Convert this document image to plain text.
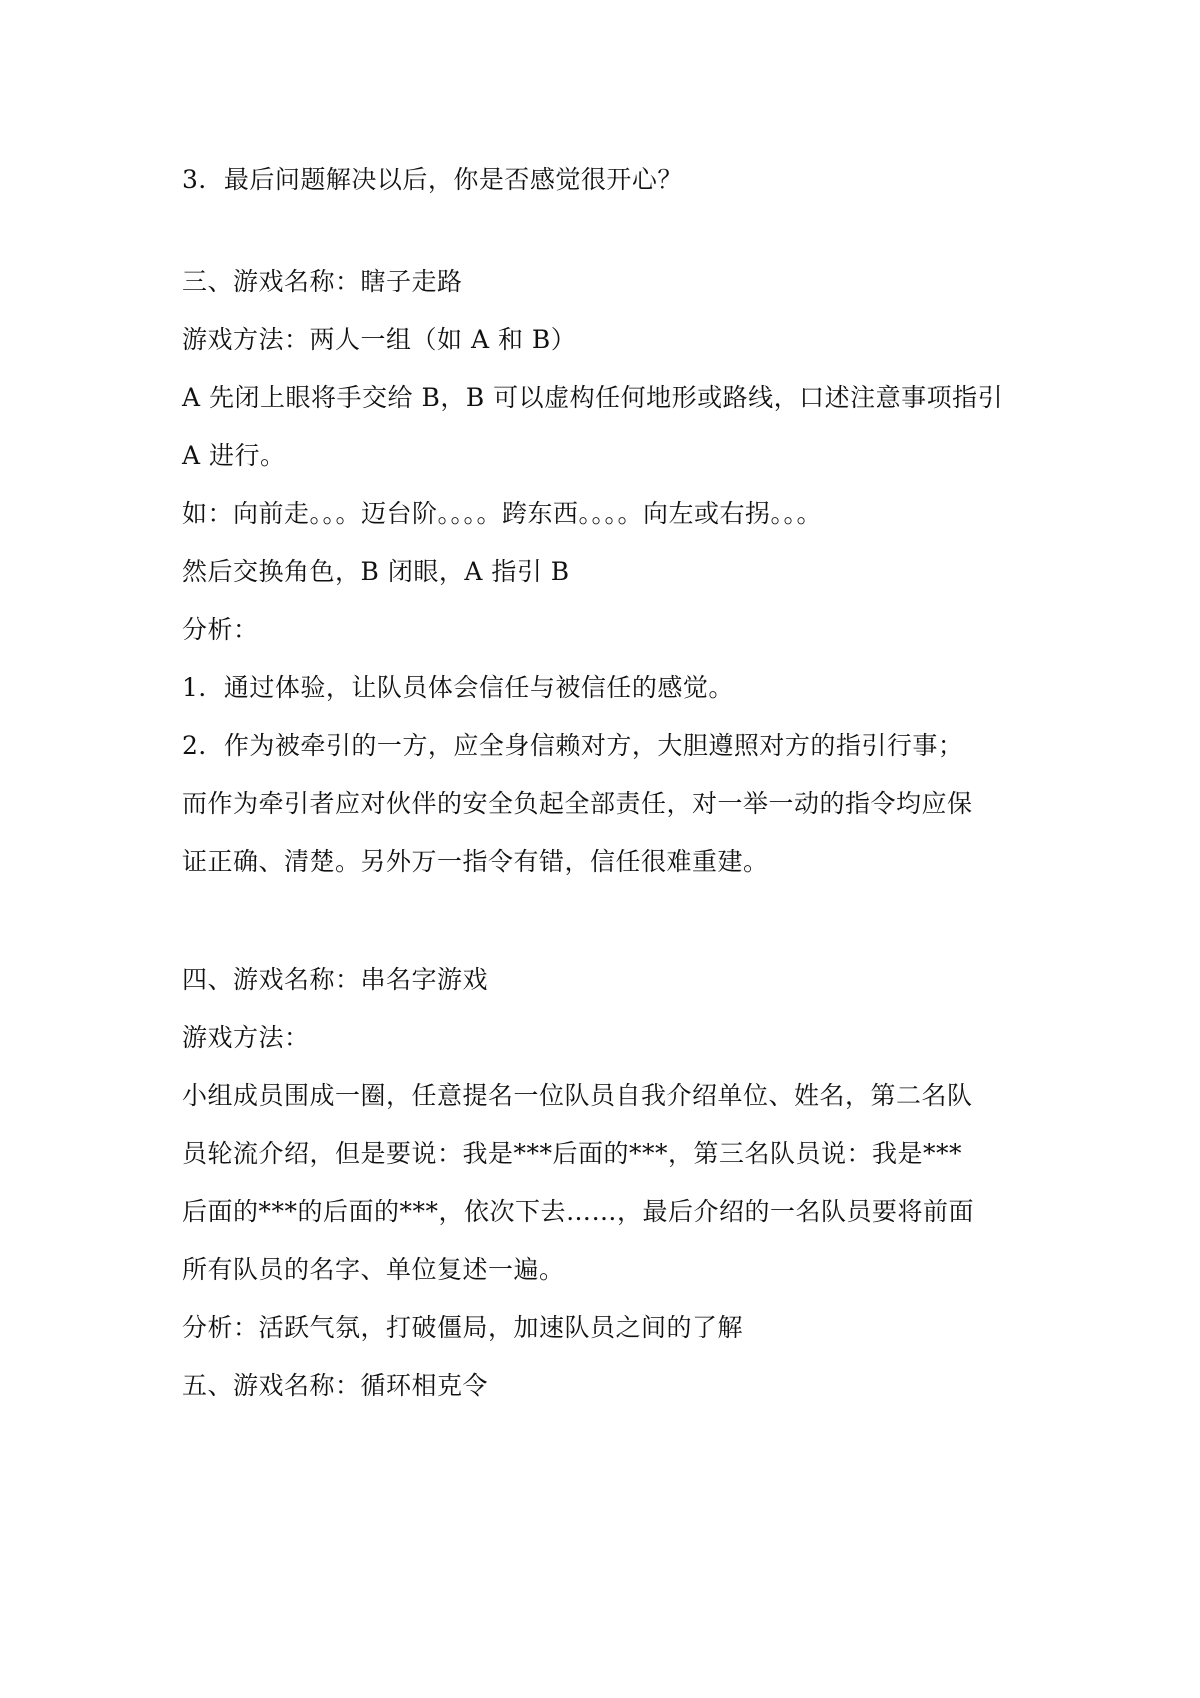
3．最后问题解决以后，你是否感觉很开心？
三、游戏名称：瞎子走路
游戏方法：两人一组（如 A 和 B）
A 先闭上眼将手交给 B，B 可以虚构任何地形或路线，口述注意事项指引
A 进行。
如：向前走。。。迈台阶。。。。跨东西。。。。向左或右拐。。。
然后交换角色，B 闭眼，A 指引 B
分析：
1．通过体验，让队员体会信任与被信任的感觉。
2．作为被牵引的一方，应全身信赖对方，大胆遵照对方的指引行事；
而作为牵引者应对伙伴的安全负起全部责任，对一举一动的指令均应保
证正确、清楚。另外万一指令有错，信任很难重建。
四、游戏名称：串名字游戏
游戏方法：
小组成员围成一圈，任意提名一位队员自我介绍单位、姓名，第二名队
员轮流介绍，但是要说：我是***后面的***，第三名队员说：我是***
后面的***的后面的***，依次下去……，最后介绍的一名队员要将前面
所有队员的名字、单位复述一遍。
分析：活跃气氛，打破僵局，加速队员之间的了解
五、游戏名称：循环相克令
